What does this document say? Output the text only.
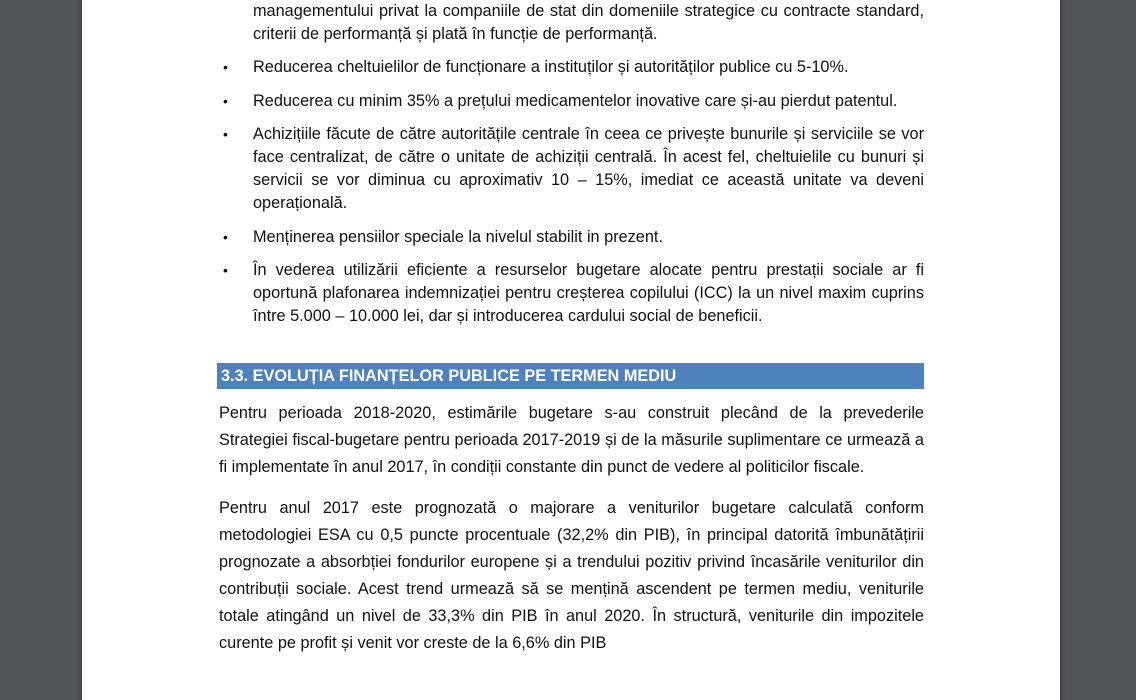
managementului privat la companiile de stat din domeniile strategice cu contracte standard, criterii de performanță și plată în funcție de performanță.

• Reducerea cheltuielilor de funcționare a instituților și autorităților publice cu 5-10%.
• Reducerea cu minim 35% a prețului medicamentelor inovative care și-au pierdut patentul.
• Achizițiile făcute de către autoritățile centrale în ceea ce privește bunurile și serviciile se vor face centralizat, de către o unitate de achiziții centrală. În acest fel, cheltuielile cu bunuri și servicii se vor diminua cu aproximativ 10 – 15%, imediat ce această unitate va deveni operațională.
• Menținerea pensiilor speciale la nivelul stabilit in prezent.
• În vederea utilizării eficiente a resurselor bugetare alocate pentru prestații sociale ar fi oportună plafonarea indemnizației pentru creșterea copilului (ICC) la un nivel maxim cuprins între 5.000 – 10.000 lei, dar și introducerea cardului social de beneficii.
3.3. EVOLUȚIA FINANȚELOR PUBLICE PE TERMEN MEDIU

Pentru perioada 2018-2020, estimările bugetare s-au construit plecând de la prevederile Strategiei fiscal-bugetare pentru perioada 2017-2019 și de la măsurile suplimentare ce urmează a fi implementate în anul 2017, în condiții constante din punct de vedere al politicilor fiscale.

Pentru anul 2017 este prognozată o majorare a veniturilor bugetare calculată conform metodologiei ESA cu 0,5 puncte procentuale (32,2% din PIB), în principal datorită îmbunătățirii prognozate a absorbției fondurilor europene și a trendului pozitiv privind încasările veniturilor din contribuții sociale. Acest trend urmează să se mențină ascendent pe termen mediu, veniturile totale atingând un nivel de 33,3% din PIB în anul 2020. În structură, veniturile din impozitele curente pe profit și venit vor creste de la 6,6% din PIB
